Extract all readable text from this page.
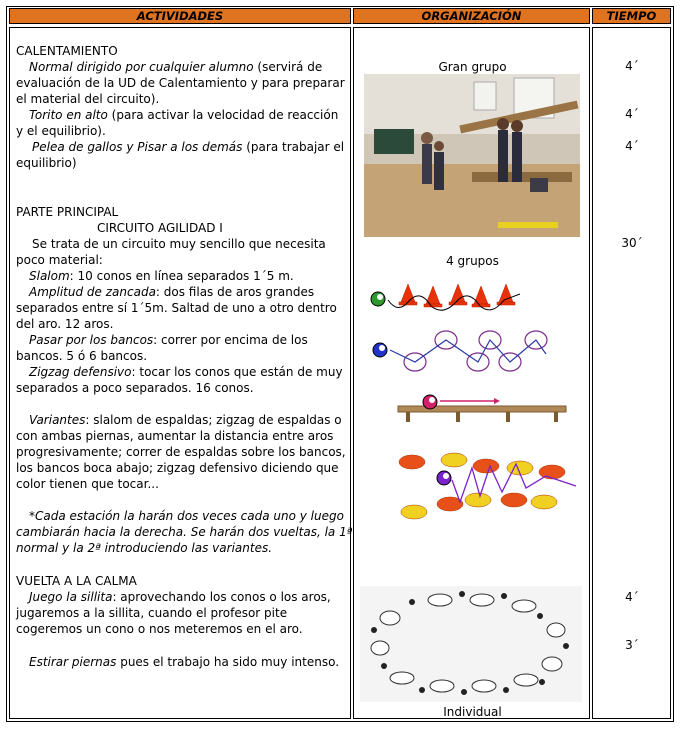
ACTIVIDADES	ORGANIZACIÓN	TIEMPO
CALENTAMIENTO
Normal dirigido por cualquier alumno (servirá de
evaluación de la UD de Calentamiento y para preparar
el material del circuito).
Torito en alto (para activar la velocidad de reacción
y el equilibrio).
Pelea de gallos y Pisar a los demás (para trabajar el
equilibrio)
PARTE PRINCIPAL
CIRCUITO AGILIDAD I
Se trata de un circuito muy sencillo que necesita
poco material:
Slalom: 10 conos en línea separados 1´5 m.
Amplitud de zancada: dos filas de aros grandes
separados entre sí 1´5m. Saltad de uno a otro dentro
del aro. 12 aros.
Pasar por los bancos: correr por encima de los
bancos. 5 ó 6 bancos.
Zigzag defensivo: tocar los conos que están de muy
separados a poco separados. 16 conos.
Variantes: slalom de espaldas; zigzag de espaldas o
con ambas piernas, aumentar la distancia entre aros
progresivamente; correr de espaldas sobre los bancos,
los bancos boca abajo; zigzag defensivo diciendo que
color tienen que tocar...
*Cada estación la harán dos veces cada uno y luego
cambiarán hacia la derecha. Se harán dos vueltas, la 1ª
normal y la 2ª introduciendo las variantes.
VUELTA A LA CALMA
Juego la sillita: aprovechando los conos o los aros,
jugaremos a la sillita, cuando el profesor pite
cogeremos un cono o nos meteremos en el aro.
Estirar piernas pues el trabajo ha sido muy intenso.
Gran grupo
4 grupos
Individual
4´
4´
4´
30´
4´
3´
